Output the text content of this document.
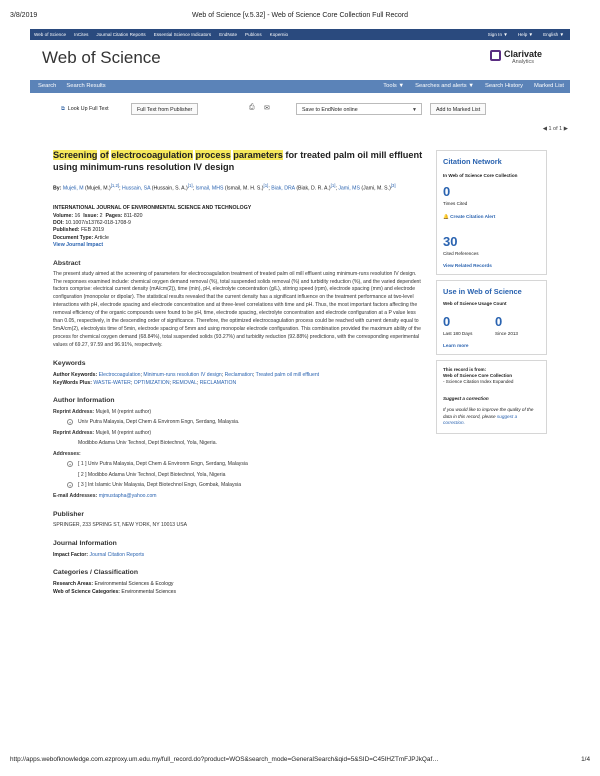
3/8/2019	Web of Science [v.5.32] - Web of Science Core Collection Full Record
Web of Science InCites Journal Citation Reports Essential Science Indicators EndNote Publons Kopernio	Sign In ▼ Help ▼ English ▼
Web of Science	Clarivate
Analytics
Search Search Results	Tools ▼ Searches and alerts ▼ Search History Marked List
⧉ Look Up Full Text	Full Text from Publisher	⎙ ✉	Save to EndNote online	▼	Add to Marked List
◀ 1 of 1 ▶
Screening of electrocoagulation process parameters for treated palm oil mill effluent using minimum-runs resolution IV design
By: Mujeli, M (Mujeli, M.)[1,2]; Hussain, SA (Hussain, S. A.)[1]; Ismail, MHS (Ismail, M. H. S.)[1]; Biak, DRA (Biak, D. R. A.)[1]; Jami, MS (Jami, M. S.)[3]
INTERNATIONAL JOURNAL OF ENVIRONMENTAL SCIENCE AND TECHNOLOGY
Volume: 16 Issue: 2 Pages: 811-820
DOI: 10.1007/s13762-018-1708-9
Published: FEB 2019
Document Type: Article
View Journal Impact
Abstract
The present study aimed at the screening of parameters for electrocoagulation treatment of treated palm oil mill effluent using minimum-runs resolution IV design. The responses examined include: chemical oxygen demand removal (%), total suspended solids removal (%) and turbidity reduction (%), and the varied dependent factors comprise: electrical current density (mA/cm(2)), time (min), pH, electrolyte concentration (g/L), stirring speed (rpm), electrode spacing (mm) and electrode configuration (monopolar or dipolar). The statistical results revealed that the current density has a significant influence on the treatment performance at two-level interactions with pH, electrode spacing and electrode concentration and at three-level correlations with time and pH. Thus, the most important factors affecting the removal efficiency of the organic compounds were found to be pH, time, electrode spacing, electrolyte concentration and electrode configuration at a P value less than 0.05, respectively, in the descending order of significance. Therefore, the optimized electrocoagulation process could be reached with current density equal to 5mA/cm(2), electrolysis time of 5min, electrode spacing of 5mm and using monopolar electrode configuration. This combination provided the maximum ability of the process for chemical oxygen demand (68.84%), total suspended solids (93.27%) and turbidity reduction (92.88%) predictions, with the corresponding experimental values of 69.27, 97.59 and 96.91%, respectively.
Keywords
Author Keywords: Electrocoagulation; Minimum-runs resolution IV design; Reclamation; Treated palm oil mill effluent
KeyWords Plus: WASTE-WATER; OPTIMIZATION; REMOVAL; RECLAMATION
Author Information
Reprint Address: Mujeli, M (reprint author)
+ Univ Putra Malaysia, Dept Chem & Environm Engn, Serdang, Malaysia.
Reprint Address: Mujeli, M (reprint author)
Modibbo Adama Univ Technol, Dept Biotechnol, Yola, Nigeria.
Addresses:
+ [ 1 ] Univ Putra Malaysia, Dept Chem & Environm Engn, Serdang, Malaysia
[ 2 ] Modibbo Adama Univ Technol, Dept Biotechnol, Yola, Nigeria
+ [ 3 ] Int Islamic Univ Malaysia, Dept Biotechnol Engn, Gombak, Malaysia
E-mail Addresses: mjmustapha@yahoo.com
Publisher
SPRINGER, 233 SPRING ST, NEW YORK, NY 10013 USA
Journal Information
Impact Factor: Journal Citation Reports
Categories / Classification
Research Areas: Environmental Sciences & Ecology
Web of Science Categories: Environmental Sciences
Citation Network
In Web of Science Core Collection
0
Times Cited
🔔 Create Citation Alert
30
Cited References
View Related Records
Use in Web of Science
Web of Science Usage Count
0
Last 180 Days
0
Since 2013
Learn more
This record is from:
Web of Science Core Collection
- Science Citation Index Expanded
Suggest a correction
If you would like to improve the quality of the data in this record, please suggest a correction.
http://apps.webofknowledge.com.ezproxy.um.edu.my/full_record.do?product=WOS&search_mode=GeneralSearch&qid=5&SID=C45IHZTmFJPJkQaf…	1/4
